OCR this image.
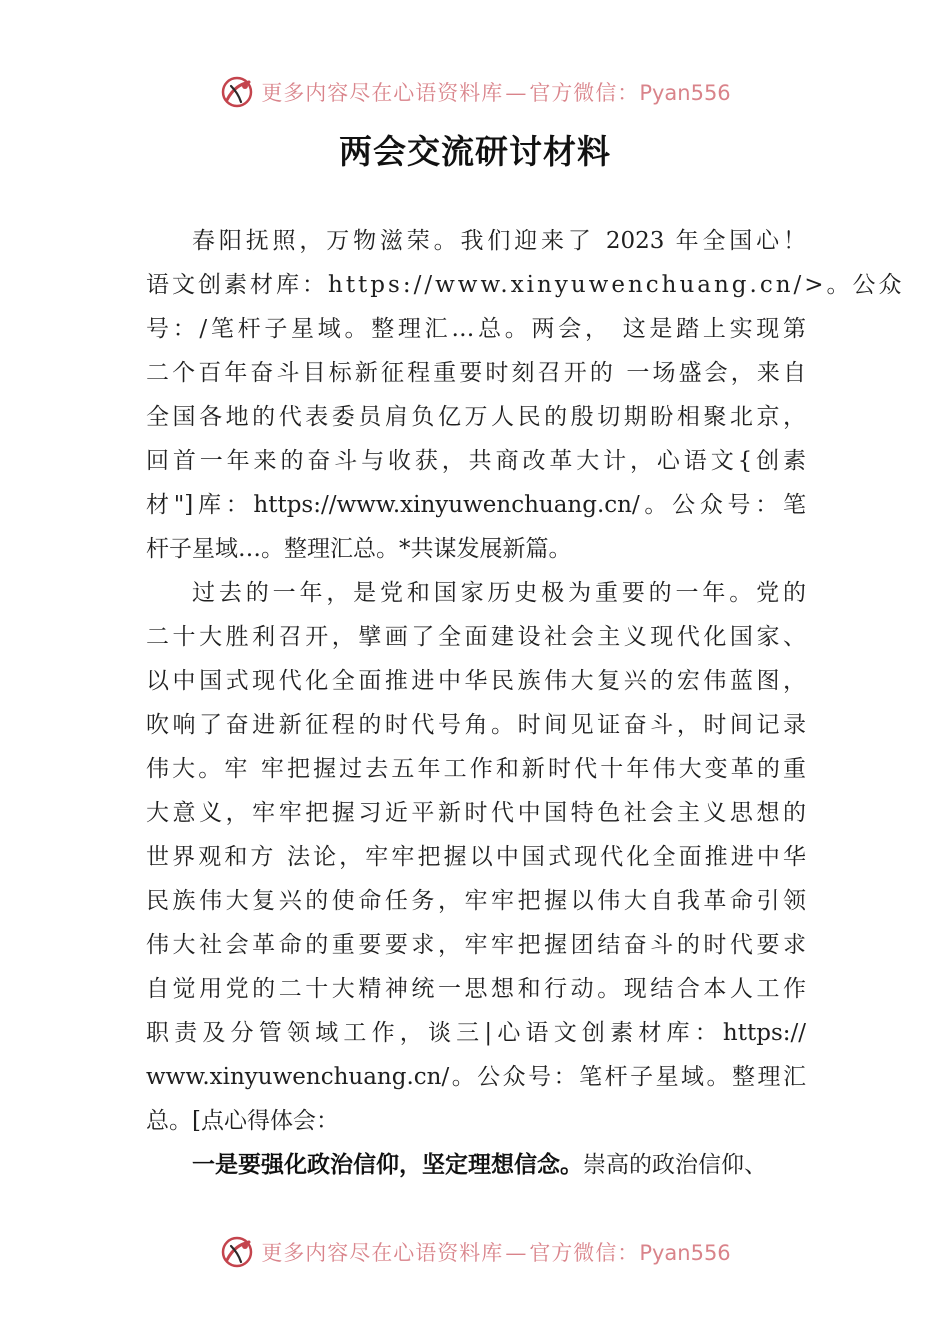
更多内容尽在心语资料库—官方微信：Pyan556
两会交流研讨材料
春阳抚照，万物滋荣。我们迎来了 2023 年全国心！
语文创素材库：https://www.xinyuwenchuang.cn/>。公众
号：/笔杆子星域。整理汇…总。两会， 这是踏上实现第
二个百年奋斗目标新征程重要时刻召开的 一场盛会，来自
全国各地的代表委员肩负亿万人民的殷切期盼相聚北京，
回首一年来的奋斗与收获，共商改革大计，心语文{创素
材"]库：https://www.xinyuwenchuang.cn/。公众号：笔
杆子星域…。整理汇总。*共谋发展新篇。
过去的一年，是党和国家历史极为重要的一年。党的
二十大胜利召开，擘画了全面建设社会主义现代化国家、
以中国式现代化全面推进中华民族伟大复兴的宏伟蓝图，
吹响了奋进新征程的时代号角。时间见证奋斗，时间记录
伟大。牢 牢把握过去五年工作和新时代十年伟大变革的重
大意义，牢牢把握习近平新时代中国特色社会主义思想的
世界观和方 法论，牢牢把握以中国式现代化全面推进中华
民族伟大复兴的使命任务，牢牢把握以伟大自我革命引领
伟大社会革命的重要要求，牢牢把握团结奋斗的时代要求
自觉用党的二十大精神统一思想和行动。现结合本人工作
职责及分管领域工作，谈三|心语文创素材库：https://
www.xinyuwenchuang.cn/。公众号：笔杆子星域。整理汇
总。[点心得体会：
一是要强化政治信仰，坚定理想信念。崇高的政治信仰、
更多内容尽在心语资料库—官方微信：Pyan556
